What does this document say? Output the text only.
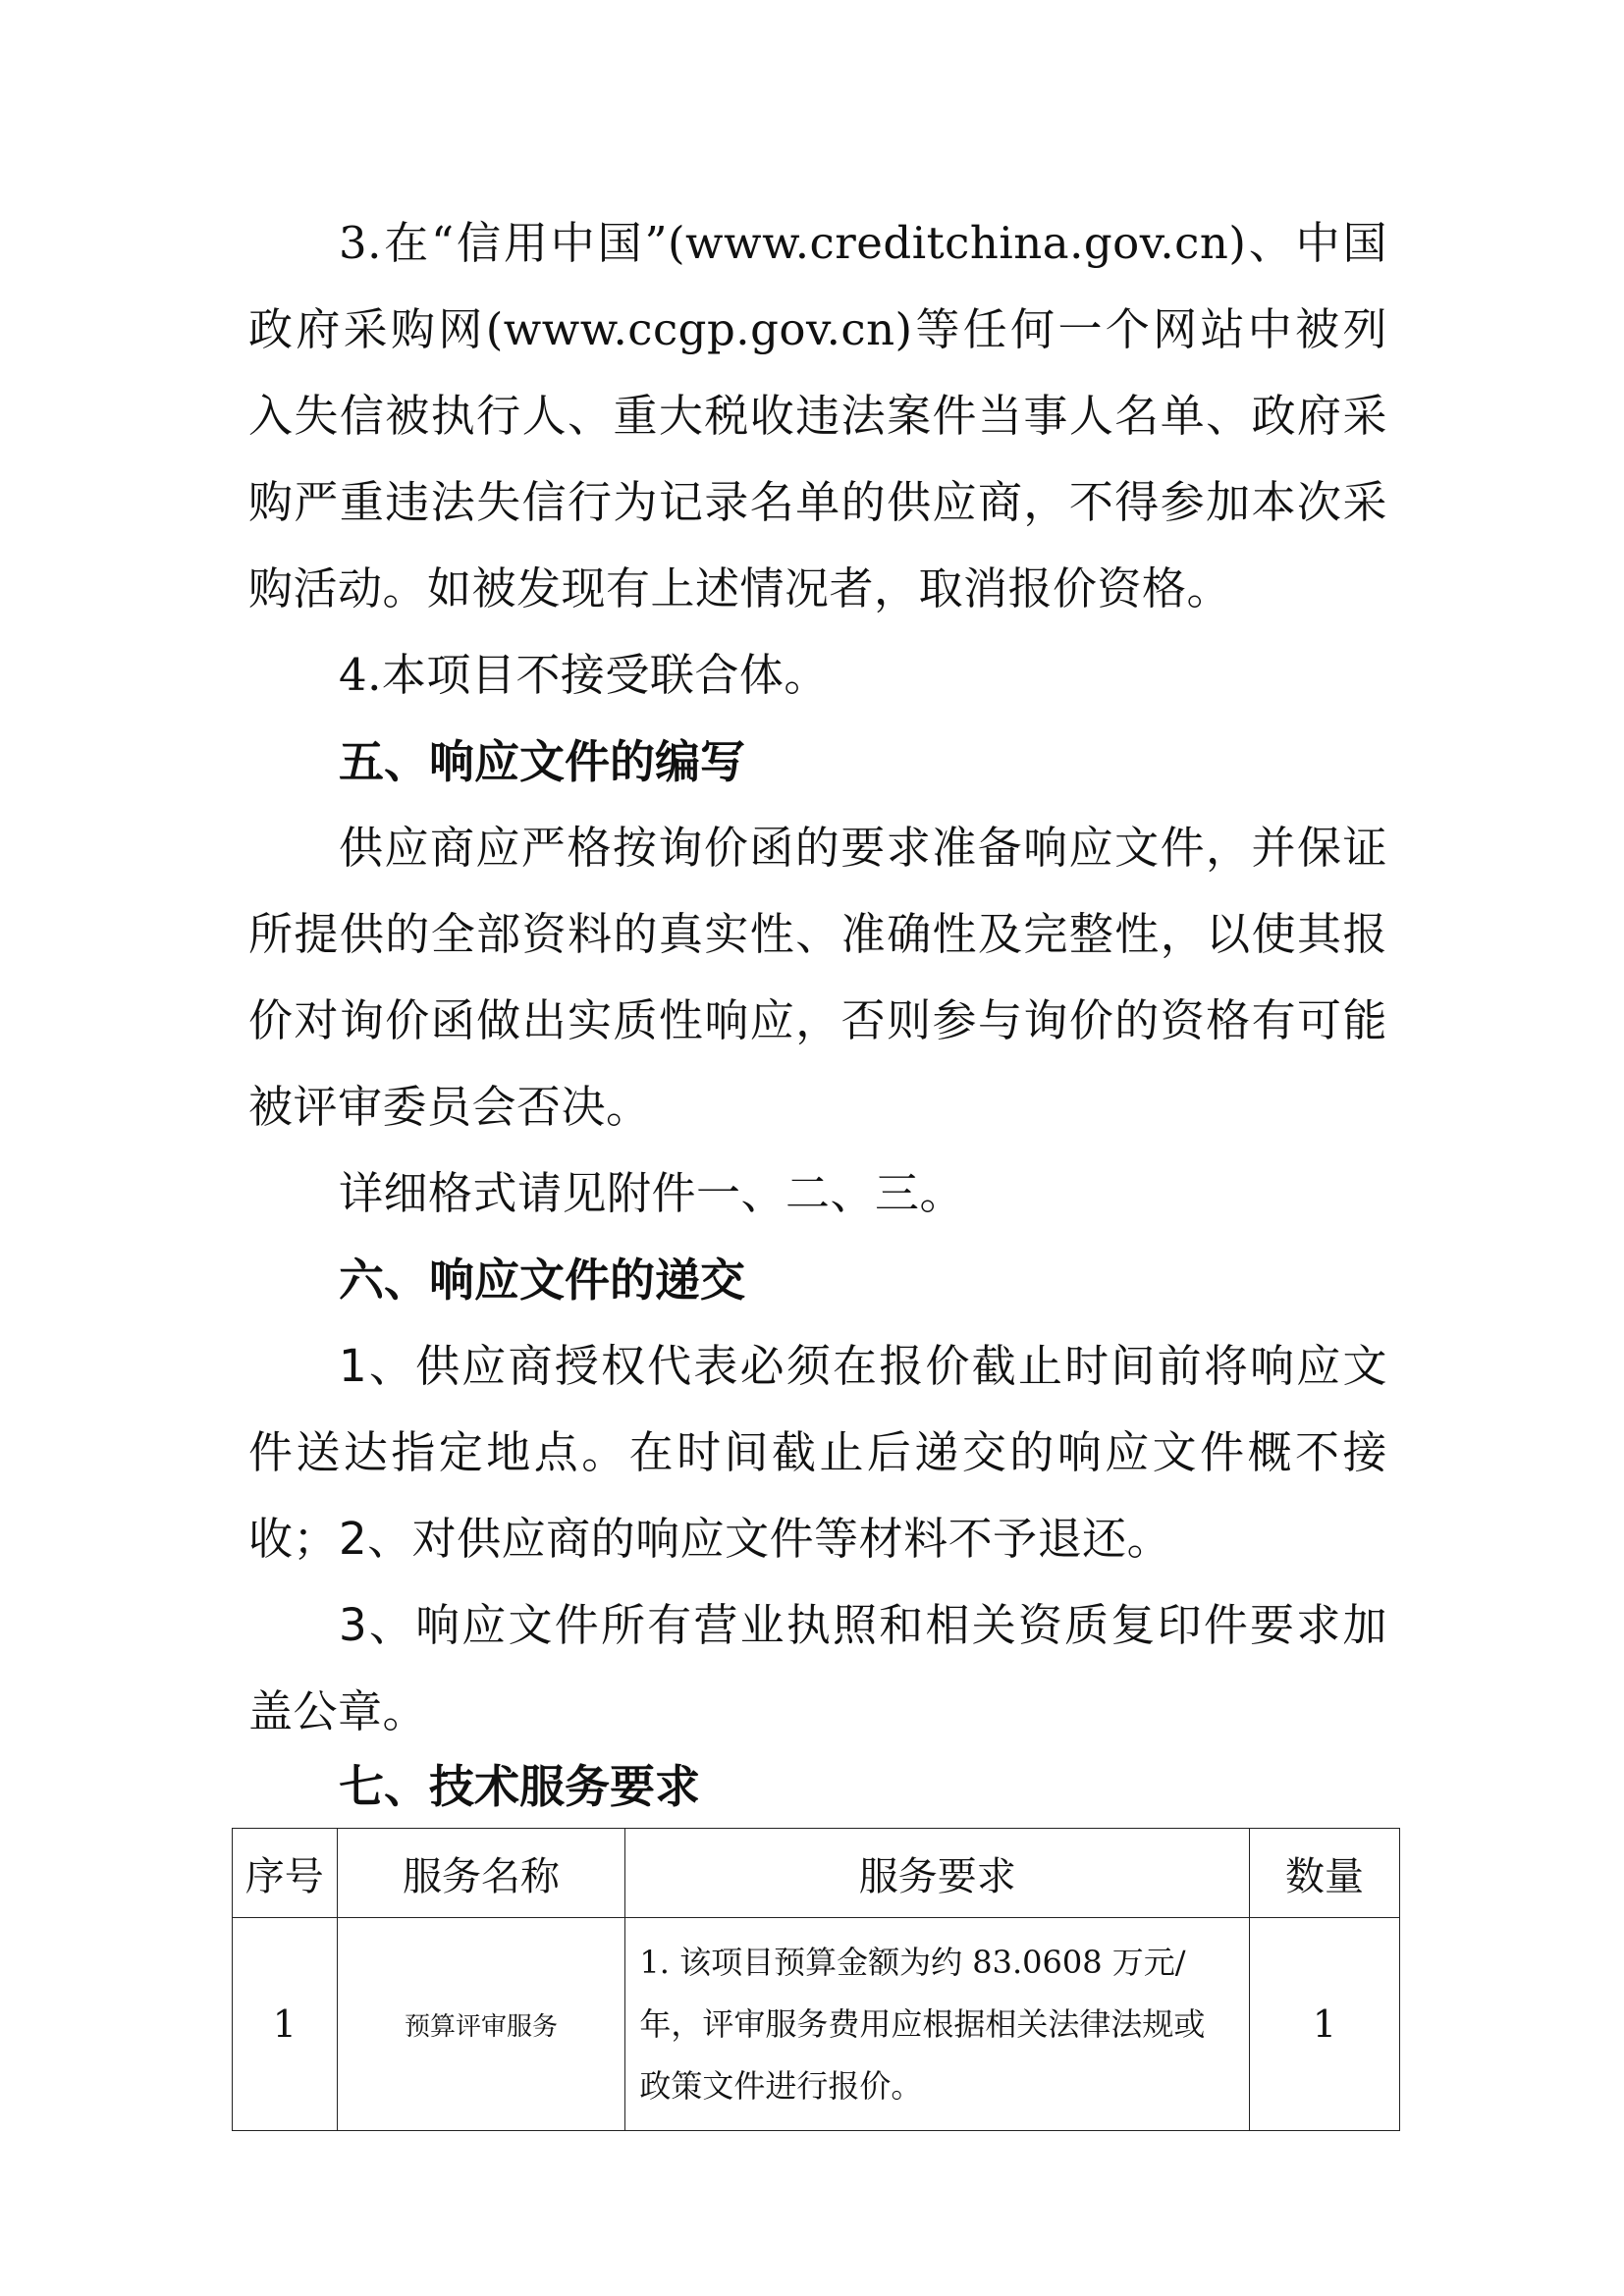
3.在“信用中国”(www.creditchina.gov.cn)、中国政府采购网(www.ccgp.gov.cn)等任何一个网站中被列入失信被执行人、重大税收违法案件当事人名单、政府采购严重违法失信行为记录名单的供应商，不得参加本次采购活动。如被发现有上述情况者，取消报价资格。

4.本项目不接受联合体。

五、响应文件的编写

供应商应严格按询价函的要求准备响应文件，并保证所提供的全部资料的真实性、准确性及完整性，以使其报价对询价函做出实质性响应，否则参与询价的资格有可能被评审委员会否决。

详细格式请见附件一、二、三。

六、响应文件的递交

1、供应商授权代表必须在报价截止时间前将响应文件送达指定地点。在时间截止后递交的响应文件概不接收； 2、对供应商的响应文件等材料不予退还。

3、响应文件所有营业执照和相关资质复印件要求加盖公章。

七、技术服务要求

序号	服务名称	服务要求	数量
1	预算评审服务	1. 该项目预算金额为约 83.0608 万元/年，评审服务费用应根据相关法律法规或政策文件进行报价。	1
